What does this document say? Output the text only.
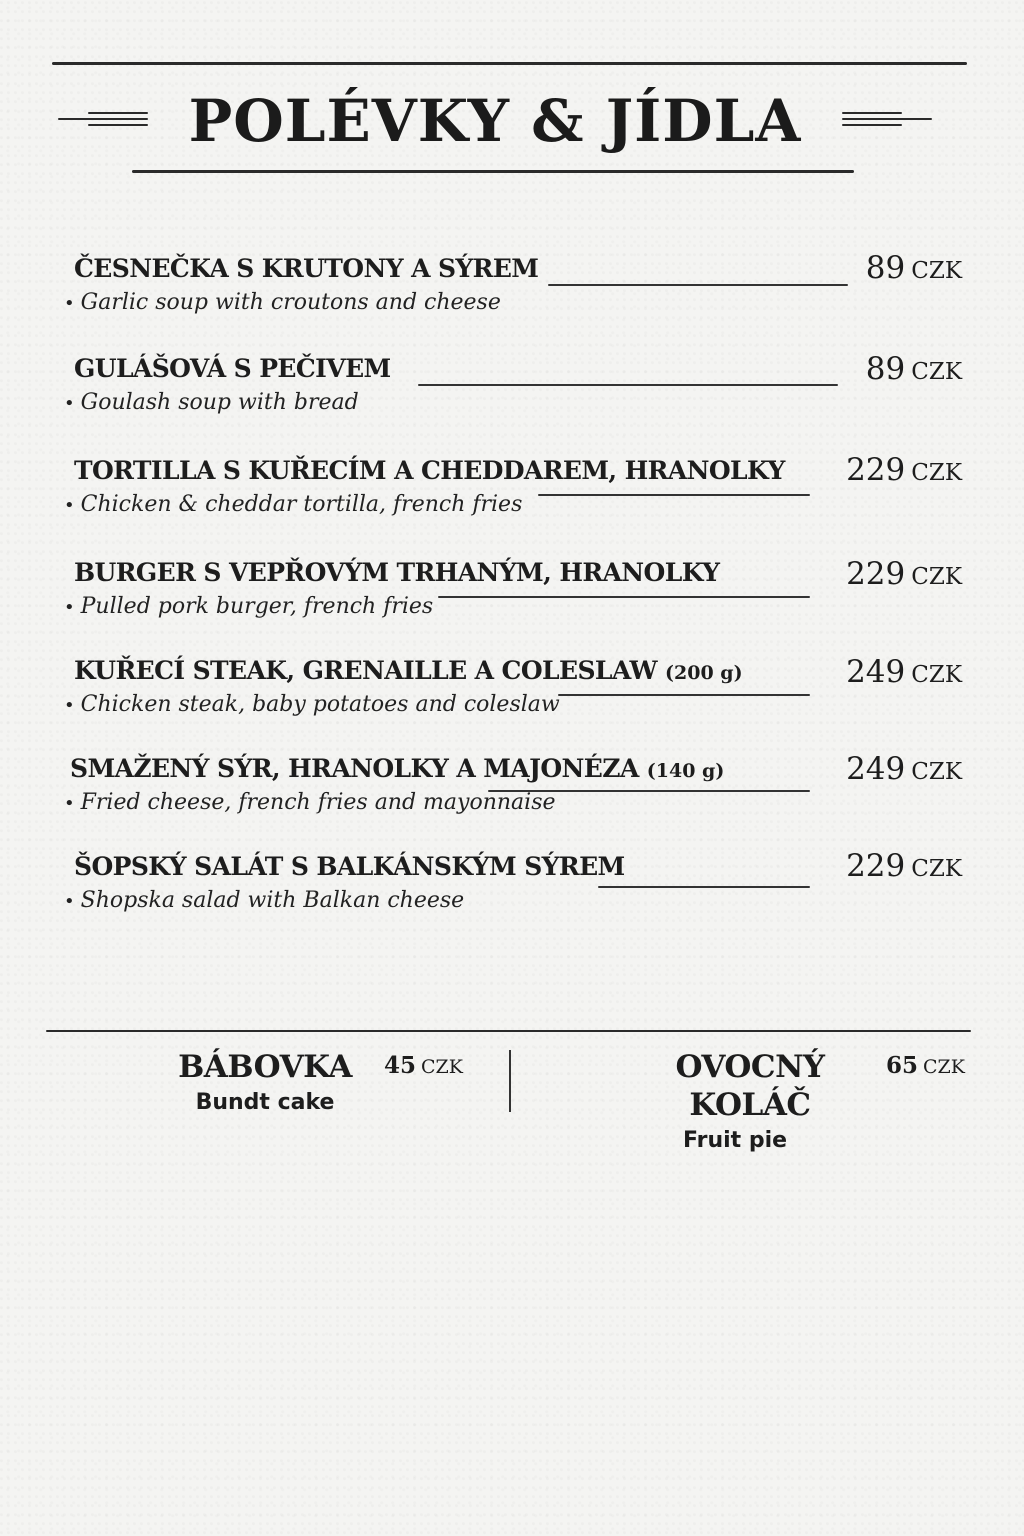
POLÉVKY & JÍDLA
ČESNEČKA S KRUTONY A SÝREM
• Garlic soup with croutons and cheese
89 CZK
GULÁŠOVÁ S PEČIVEM
• Goulash soup with bread
89 CZK
TORTILLA S KUŘECÍM A CHEDDAREM, HRANOLKY
• Chicken & cheddar tortilla, french fries
229 CZK
BURGER S VEPŘOVÝM TRHANÝM, HRANOLKY
• Pulled pork burger, french fries
229 CZK
KUŘECÍ STEAK, GRENAILLE A COLESLAW (200 g)
• Chicken steak, baby potatoes and coleslaw
249 CZK
SMAŽENÝ SÝR, HRANOLKY A MAJONÉZA (140 g)
• Fried cheese, french fries and mayonnaise
249 CZK
ŠOPSKÝ SALÁT S BALKÁNSKÝM SÝREM
• Shopska salad with Balkan cheese
229 CZK
BÁBOVKA
Bundt cake
45 CZK	OVOCNÝ KOLÁČ
Fruit pie
65 CZK
